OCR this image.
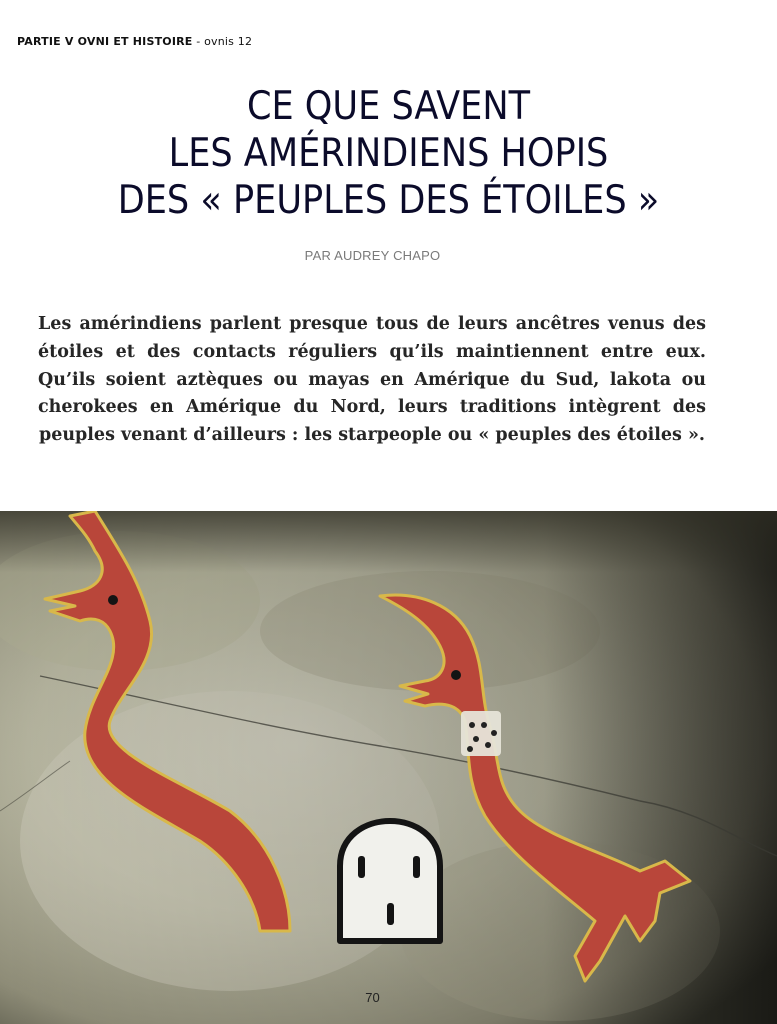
PARTIE V OVNI ET HISTOIRE - ovnis 12
CE QUE SAVENT
LES AMÉRINDIENS HOPIS
DES « PEUPLES DES ÉTOILES »
PAR AUDREY CHAPO
Les amérindiens parlent presque tous de leurs ancêtres venus des étoiles et des contacts réguliers qu’ils maintiennent entre eux. Qu’ils soient aztèques ou mayas en Amérique du Sud, lakota ou cherokees en Amérique du Nord, leurs traditions intègrent des peuples venant d’ailleurs : les starpeople ou « peuples des étoiles ».
70
